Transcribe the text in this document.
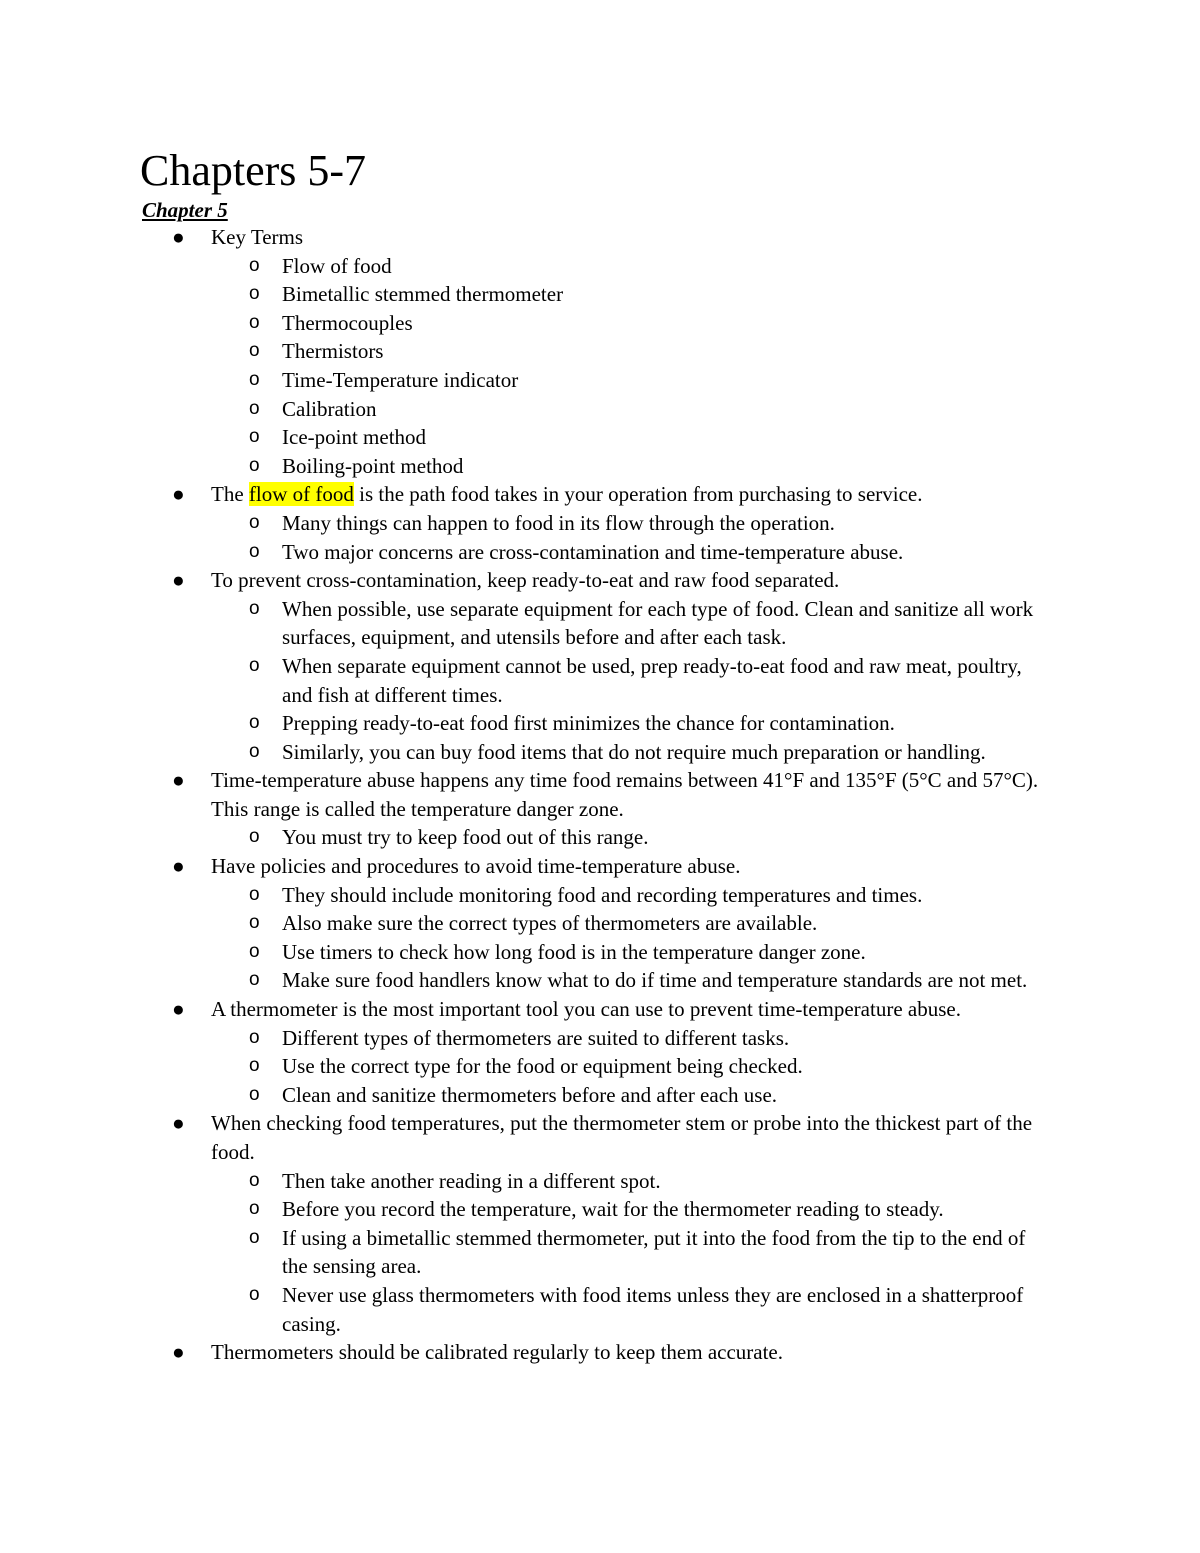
Chapters 5-7
Chapter 5
● Key Terms
o Flow of food
o Bimetallic stemmed thermometer
o Thermocouples
o Thermistors
o Time-Temperature indicator
o Calibration
o Ice-point method
o Boiling-point method
● The flow of food is the path food takes in your operation from purchasing to service.
o Many things can happen to food in its flow through the operation.
o Two major concerns are cross-contamination and time-temperature abuse.
● To prevent cross-contamination, keep ready-to-eat and raw food separated.
o When possible, use separate equipment for each type of food. Clean and sanitize all work surfaces, equipment, and utensils before and after each task.
o When separate equipment cannot be used, prep ready-to-eat food and raw meat, poultry, and fish at different times.
o Prepping ready-to-eat food first minimizes the chance for contamination.
o Similarly, you can buy food items that do not require much preparation or handling.
● Time-temperature abuse happens any time food remains between 41°F and 135°F (5°C and 57°C). This range is called the temperature danger zone.
o You must try to keep food out of this range.
● Have policies and procedures to avoid time-temperature abuse.
o They should include monitoring food and recording temperatures and times.
o Also make sure the correct types of thermometers are available.
o Use timers to check how long food is in the temperature danger zone.
o Make sure food handlers know what to do if time and temperature standards are not met.
● A thermometer is the most important tool you can use to prevent time-temperature abuse.
o Different types of thermometers are suited to different tasks.
o Use the correct type for the food or equipment being checked.
o Clean and sanitize thermometers before and after each use.
● When checking food temperatures, put the thermometer stem or probe into the thickest part of the food.
o Then take another reading in a different spot.
o Before you record the temperature, wait for the thermometer reading to steady.
o If using a bimetallic stemmed thermometer, put it into the food from the tip to the end of the sensing area.
o Never use glass thermometers with food items unless they are enclosed in a shatterproof casing.
● Thermometers should be calibrated regularly to keep them accurate.
